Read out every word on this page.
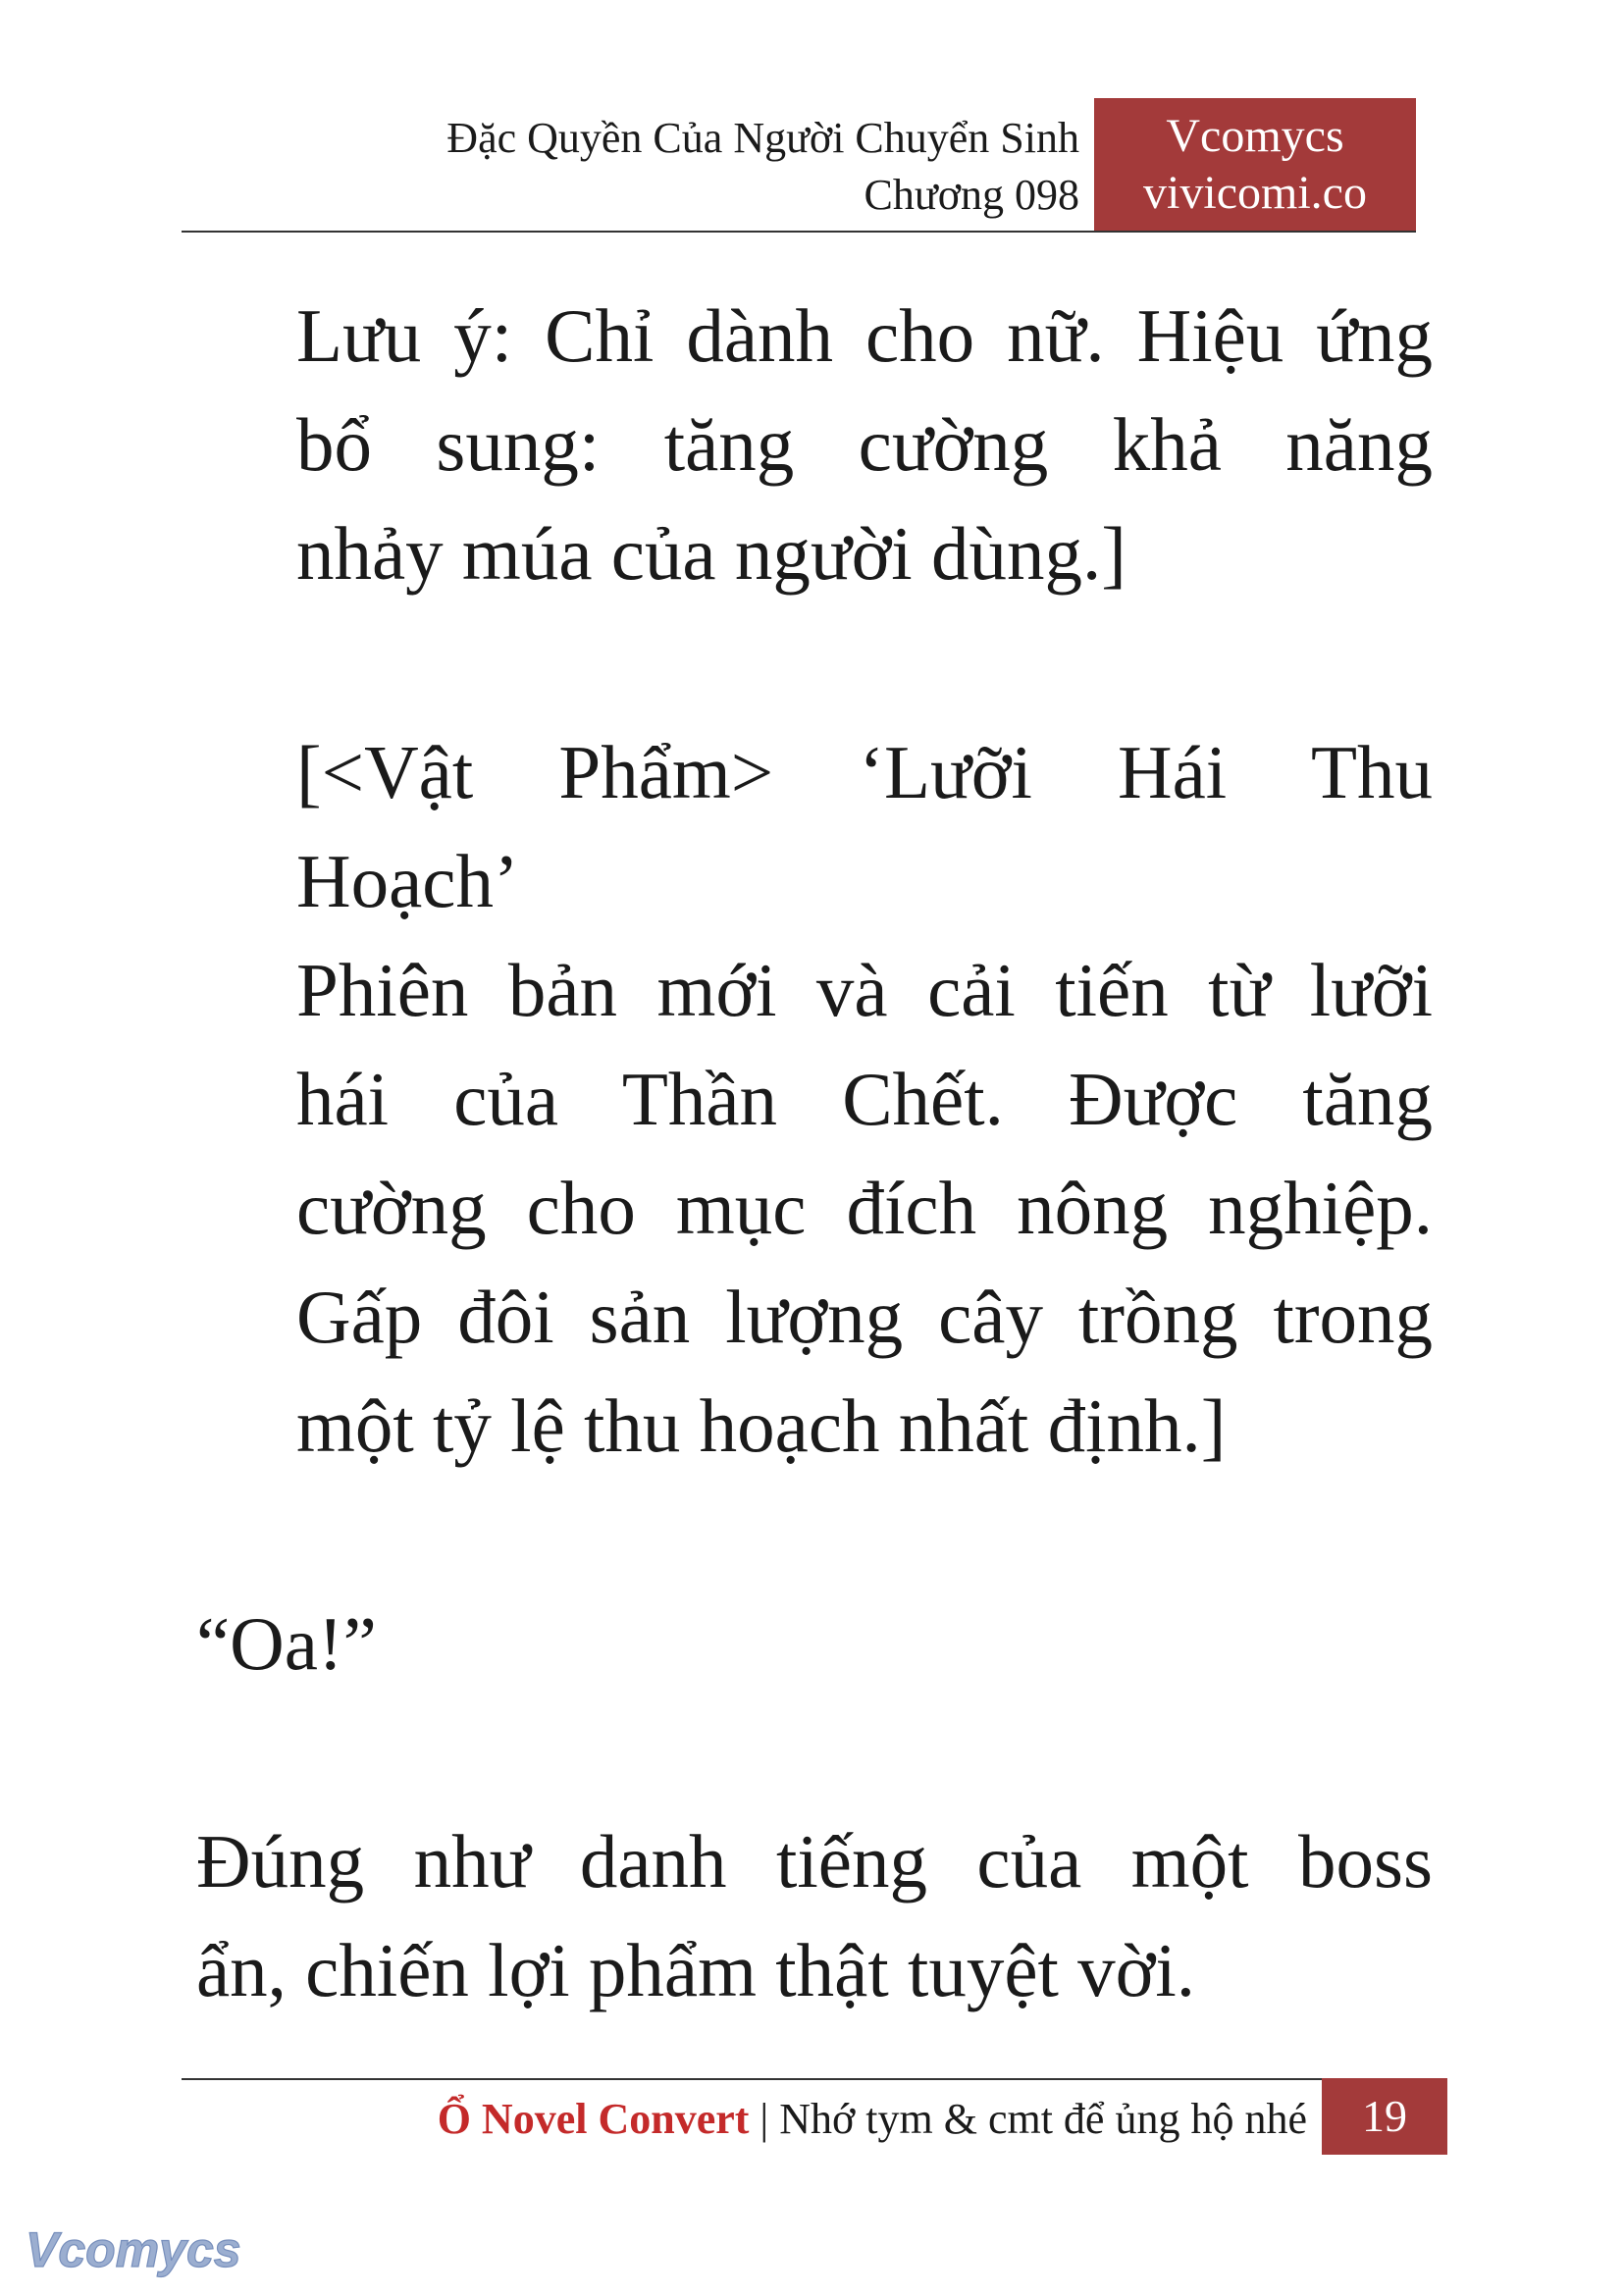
Đặc Quyền Của Người Chuyển Sinh
Chương 098
Vcomycs
vivicomi.co
Lưu ý: Chỉ dành cho nữ. Hiệu ứng
bổ sung: tăng cường khả năng
nhảy múa của người dùng.]
[<Vật Phẩm> ‘Lưỡi Hái Thu
Hoạch’
Phiên bản mới và cải tiến từ lưỡi
hái của Thần Chết. Được tăng
cường cho mục đích nông nghiệp.
Gấp đôi sản lượng cây trồng trong
một tỷ lệ thu hoạch nhất định.]
“Oa!”
Đúng như danh tiếng của một boss
ẩn, chiến lợi phẩm thật tuyệt vời.
Ổ Novel Convert | Nhớ tym & cmt để ủng hộ nhé	19
Vcomycs
